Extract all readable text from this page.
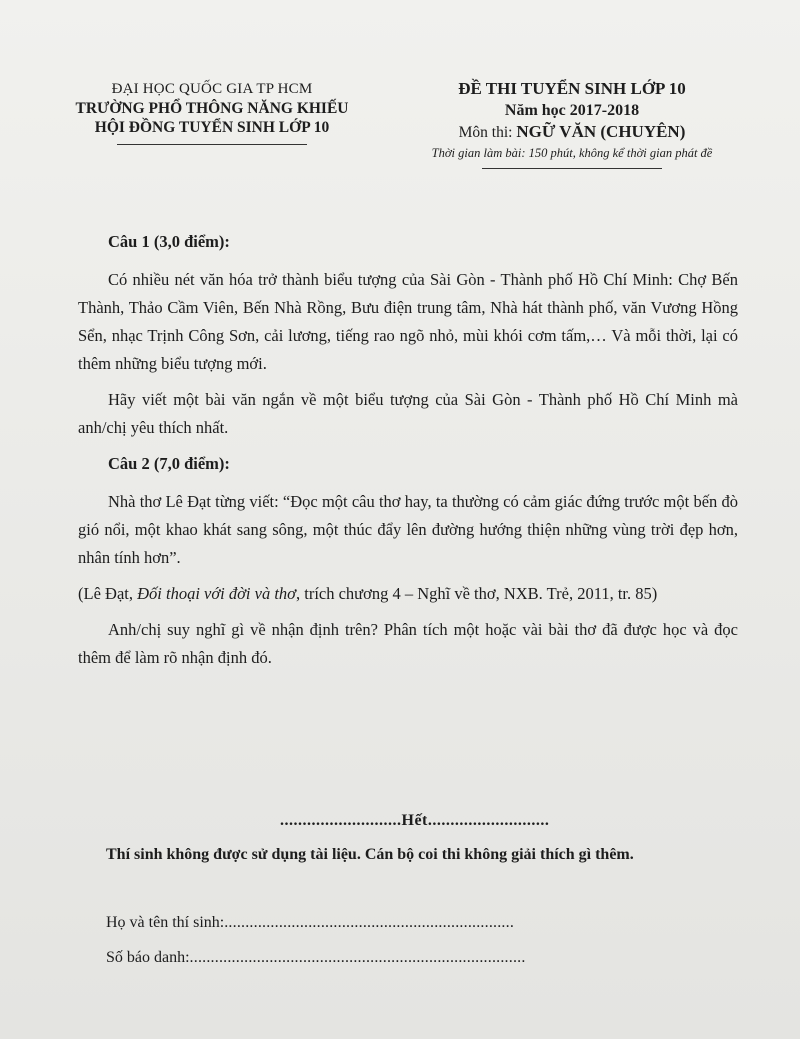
ĐẠI HỌC QUỐC GIA TP HCM
TRƯỜNG PHỔ THÔNG NĂNG KHIẾU
HỘI ĐỒNG TUYỂN SINH LỚP 10
ĐỀ THI TUYỂN SINH LỚP 10
Năm học 2017-2018
Môn thi: NGỮ VĂN (CHUYÊN)
Thời gian làm bài: 150 phút, không kể thời gian phát đề
Câu 1 (3,0 điểm):

Có nhiều nét văn hóa trở thành biểu tượng của Sài Gòn - Thành phố Hồ Chí Minh: Chợ Bến Thành, Thảo Cầm Viên, Bến Nhà Rồng, Bưu điện trung tâm, Nhà hát thành phố, văn Vương Hồng Sển, nhạc Trịnh Công Sơn, cải lương, tiếng rao ngõ nhỏ, mùi khói cơm tấm,… Và mỗi thời, lại có thêm những biểu tượng mới.

Hãy viết một bài văn ngắn về một biểu tượng của Sài Gòn - Thành phố Hồ Chí Minh mà anh/chị yêu thích nhất.

Câu 2 (7,0 điểm):

Nhà thơ Lê Đạt từng viết: “Đọc một câu thơ hay, ta thường có cảm giác đứng trước một bến đò gió nổi, một khao khát sang sông, một thúc đẩy lên đường hướng thiện những vùng trời đẹp hơn, nhân tính hơn”.

(Lê Đạt, Đối thoại với đời và thơ, trích chương 4 – Nghĩ về thơ, NXB. Trẻ, 2011, tr. 85)

Anh/chị suy nghĩ gì về nhận định trên? Phân tích một hoặc vài bài thơ đã được học và đọc thêm để làm rõ nhận định đó.

...........................Hết...........................
Thí sinh không được sử dụng tài liệu. Cán bộ coi thi không giải thích gì thêm.
Họ và tên thí sinh:.....................................................................
Số báo danh:................................................................................
